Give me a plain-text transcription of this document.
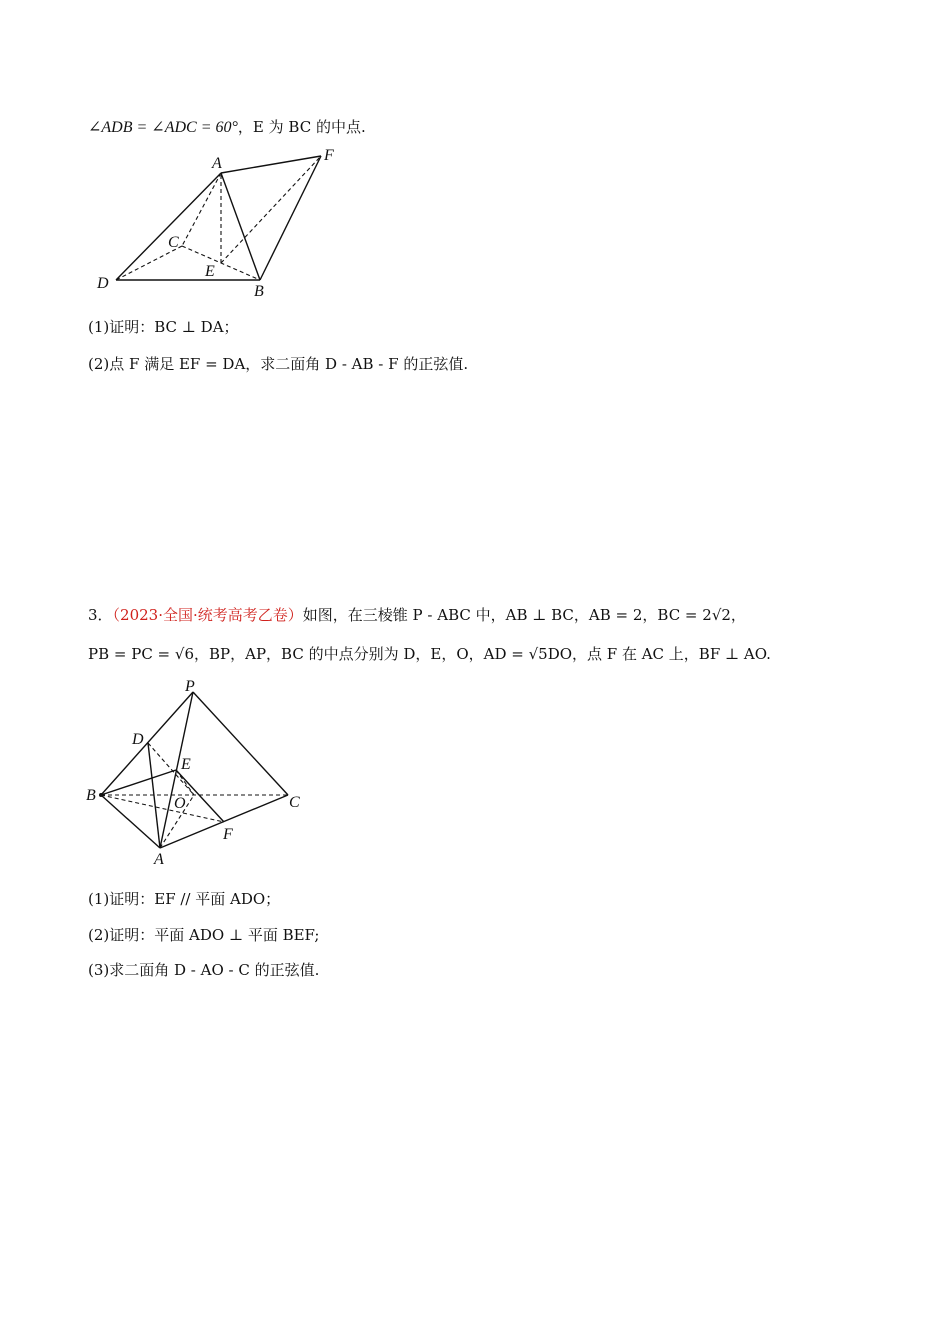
∠ADB = ∠ADC = 60°，E 为 BC 的中点.
A	F
C
E
D	B
(1)证明：BC ⊥ DA；
(2)点 F 满足 EF = DA，求二面角 D - AB - F 的正弦值.
3．（2023·全国·统考高考乙卷）如图，在三棱锥 P - ABC 中，AB ⊥ BC，AB = 2，BC = 2√2，
PB = PC = √6，BP，AP，BC 的中点分别为 D，E，O，AD = √5DO，点 F 在 AC 上，BF ⊥ AO.
P
D
E
B	O	C
F
A
(1)证明：EF // 平面 ADO；
(2)证明：平面 ADO ⊥ 平面 BEF;
(3)求二面角 D - AO - C 的正弦值.
